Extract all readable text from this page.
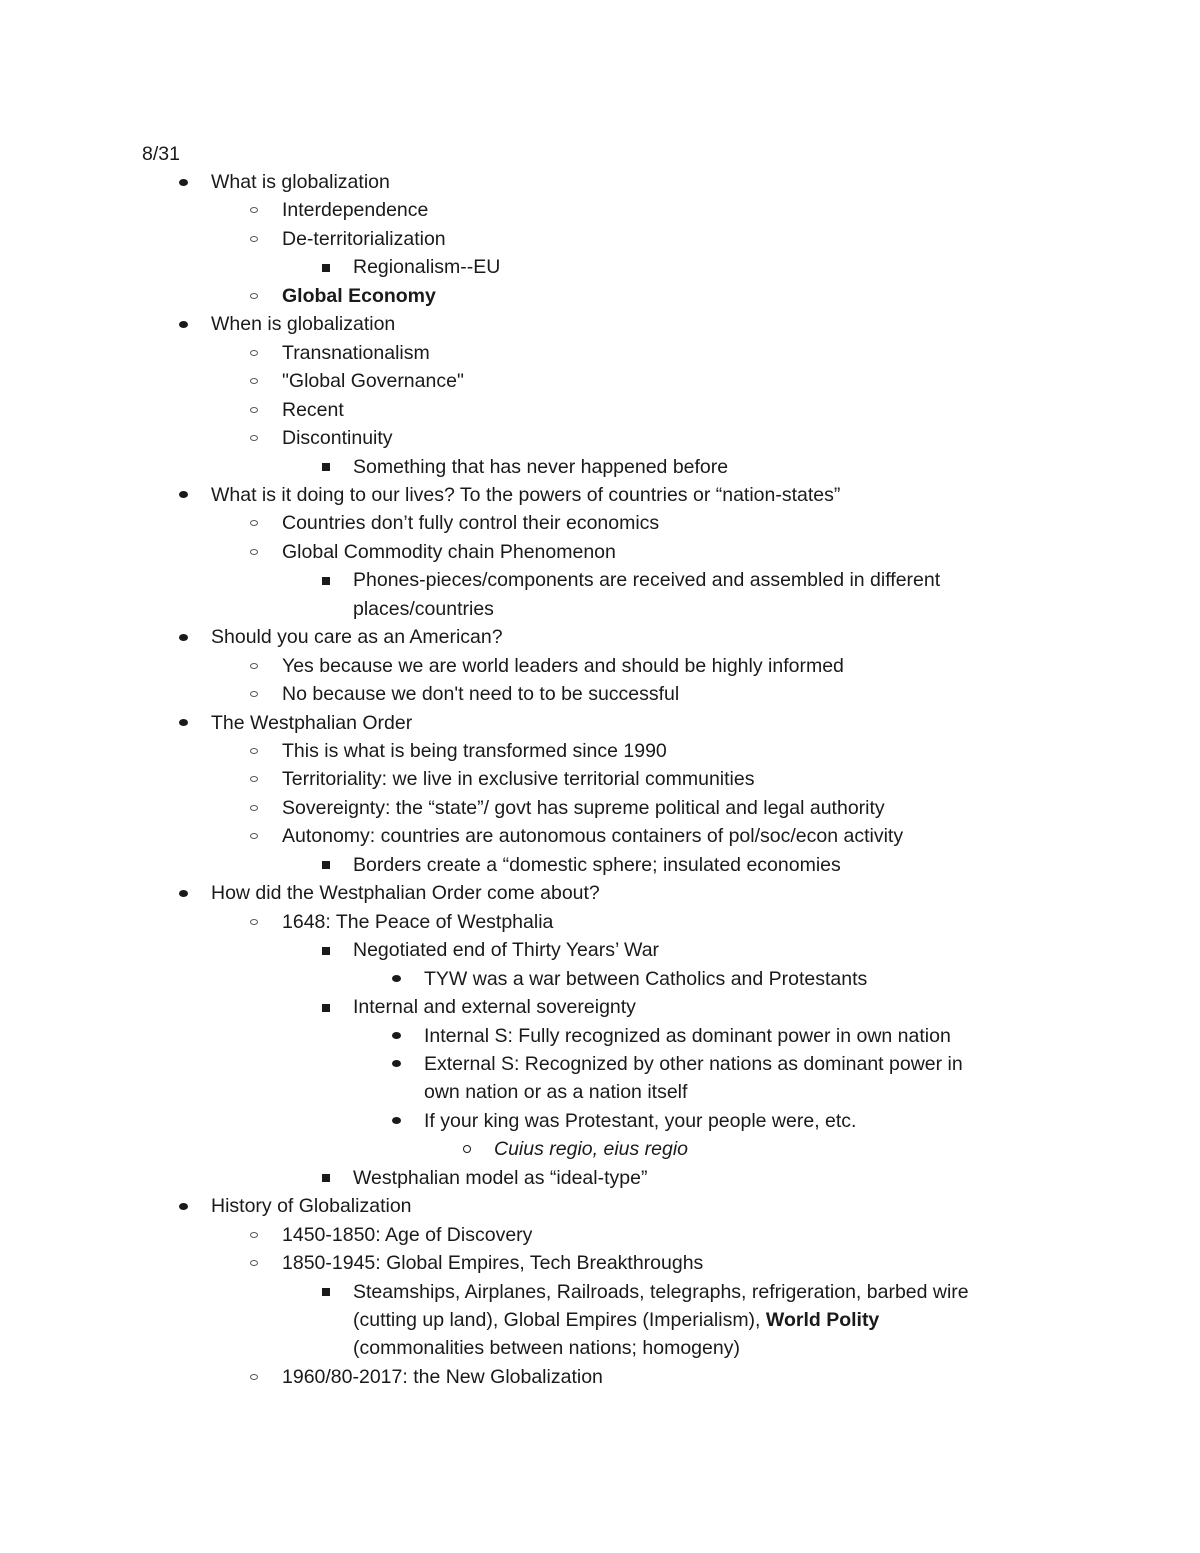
8/31
What is globalization
Interdependence
De-territorialization
Regionalism--EU
Global Economy
When is globalization
Transnationalism
"Global Governance"
Recent
Discontinuity
Something that has never happened before
What is it doing to our lives? To the powers of countries or “nation-states”
Countries don’t fully control their economics
Global Commodity chain Phenomenon
Phones-pieces/components are received and assembled in different
places/countries
Should you care as an American?
Yes because we are world leaders and should be highly informed
No because we don't need to to be successful
The Westphalian Order
This is what is being transformed since 1990
Territoriality: we live in exclusive territorial communities
Sovereignty: the “state”/ govt has supreme political and legal authority
Autonomy: countries are autonomous containers of pol/soc/econ activity
Borders create a “domestic sphere; insulated economies
How did the Westphalian Order come about?
1648: The Peace of Westphalia
Negotiated end of Thirty Years’ War
TYW was a war between Catholics and Protestants
Internal and external sovereignty
Internal S: Fully recognized as dominant power in own nation
External S: Recognized by other nations as dominant power in
own nation or as a nation itself
If your king was Protestant, your people were, etc.
Cuius regio, eius regio
Westphalian model as “ideal-type”
History of Globalization
1450-1850: Age of Discovery
1850-1945: Global Empires, Tech Breakthroughs
Steamships, Airplanes, Railroads, telegraphs, refrigeration, barbed wire
(cutting up land), Global Empires (Imperialism), World Polity
(commonalities between nations; homogeny)
1960/80-2017: the New Globalization
